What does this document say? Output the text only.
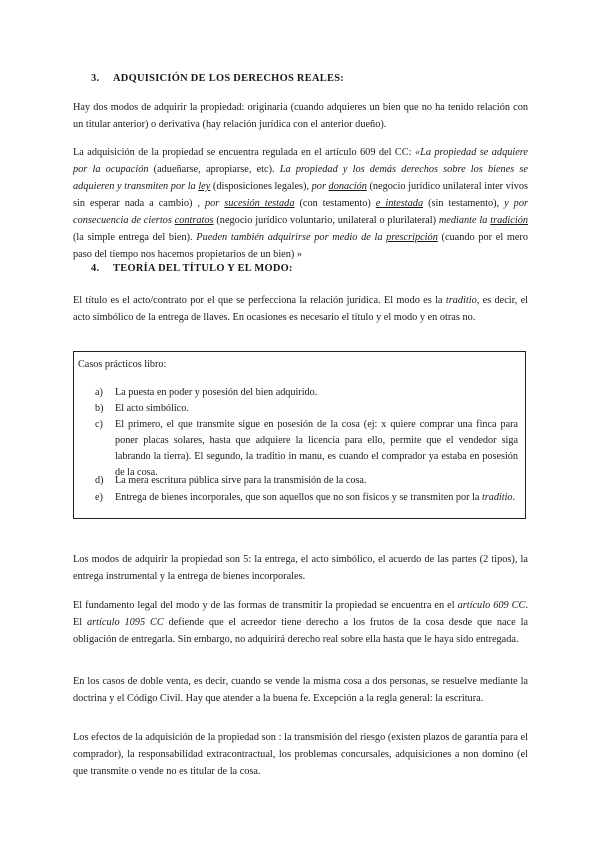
3. ADQUISICIÓN DE LOS DERECHOS REALES:
Hay dos modos de adquirir la propiedad: originaria (cuando adquieres un bien que no ha tenido relación con un titular anterior) o derivativa (hay relación jurídica con el anterior dueño).
La adquisición de la propiedad se encuentra regulada en el artículo 609 del CC: «La propiedad se adquiere por la ocupación (adueñarse, apropiarse, etc). La propiedad y los demás derechos sobre los bienes se adquieren y transmiten por la ley (disposiciones legales), por donación (negocio jurídico unilateral inter vivos sin esperar nada a cambio) , por sucesión testada (con testamento) e intestada (sin testamento), y por consecuencia de ciertos contratos (negocio jurídico voluntario, unilateral o plurilateral) mediante la tradición (la simple entrega del bien). Pueden también adquirirse por medio de la prescripción (cuando por el mero paso del tiempo nos hacemos propietarios de un bien) »
4. TEORÍA DEL TÍTULO Y EL MODO:
El título es el acto/contrato por el que se perfecciona la relación jurídica. El modo es la traditio, es decir, el acto simbólico de la entrega de llaves. En ocasiones es necesario el título y el modo y en otras no.
Casos prácticos libro:
a) La puesta en poder y posesión del bien adquirido.
b) El acto simbólico.
c) El primero, el que transmite sigue en posesión de la cosa (ej: x quiere comprar una finca para poner placas solares, hasta que adquiere la licencia para ello, permite que el vendedor siga labrando la tierra). El segundo, la traditio in manu, es cuando el comprador ya estaba en posesión de la cosa.
d) La mera escritura pública sirve para la transmisión de la cosa.
e) Entrega de bienes incorporales, que son aquellos que no son físicos y se transmiten por la traditio.
Los modos de adquirir la propiedad son 5: la entrega, el acto simbólico, el acuerdo de las partes (2 tipos), la entrega instrumental y la entrega de bienes incorporales.
El fundamento legal del modo y de las formas de transmitir la propiedad se encuentra en el artículo 609 CC. El artículo 1095 CC defiende que el acreedor tiene derecho a los frutos de la cosa desde que nace la obligación de entregarla. Sin embargo, no adquirirá derecho real sobre ella hasta que le haya sido entregada.
En los casos de doble venta, es decir, cuando se vende la misma cosa a dos personas, se resuelve mediante la doctrina y el Código Civil. Hay que atender a la buena fe. Excepción a la regla general: la escritura.
Los efectos de la adquisición de la propiedad son : la transmisión del riesgo (existen plazos de garantía para el comprador), la responsabilidad extracontractual, los problemas concursales, adquisiciones a non domino (el que transmite o vende no es titular de la cosa.
